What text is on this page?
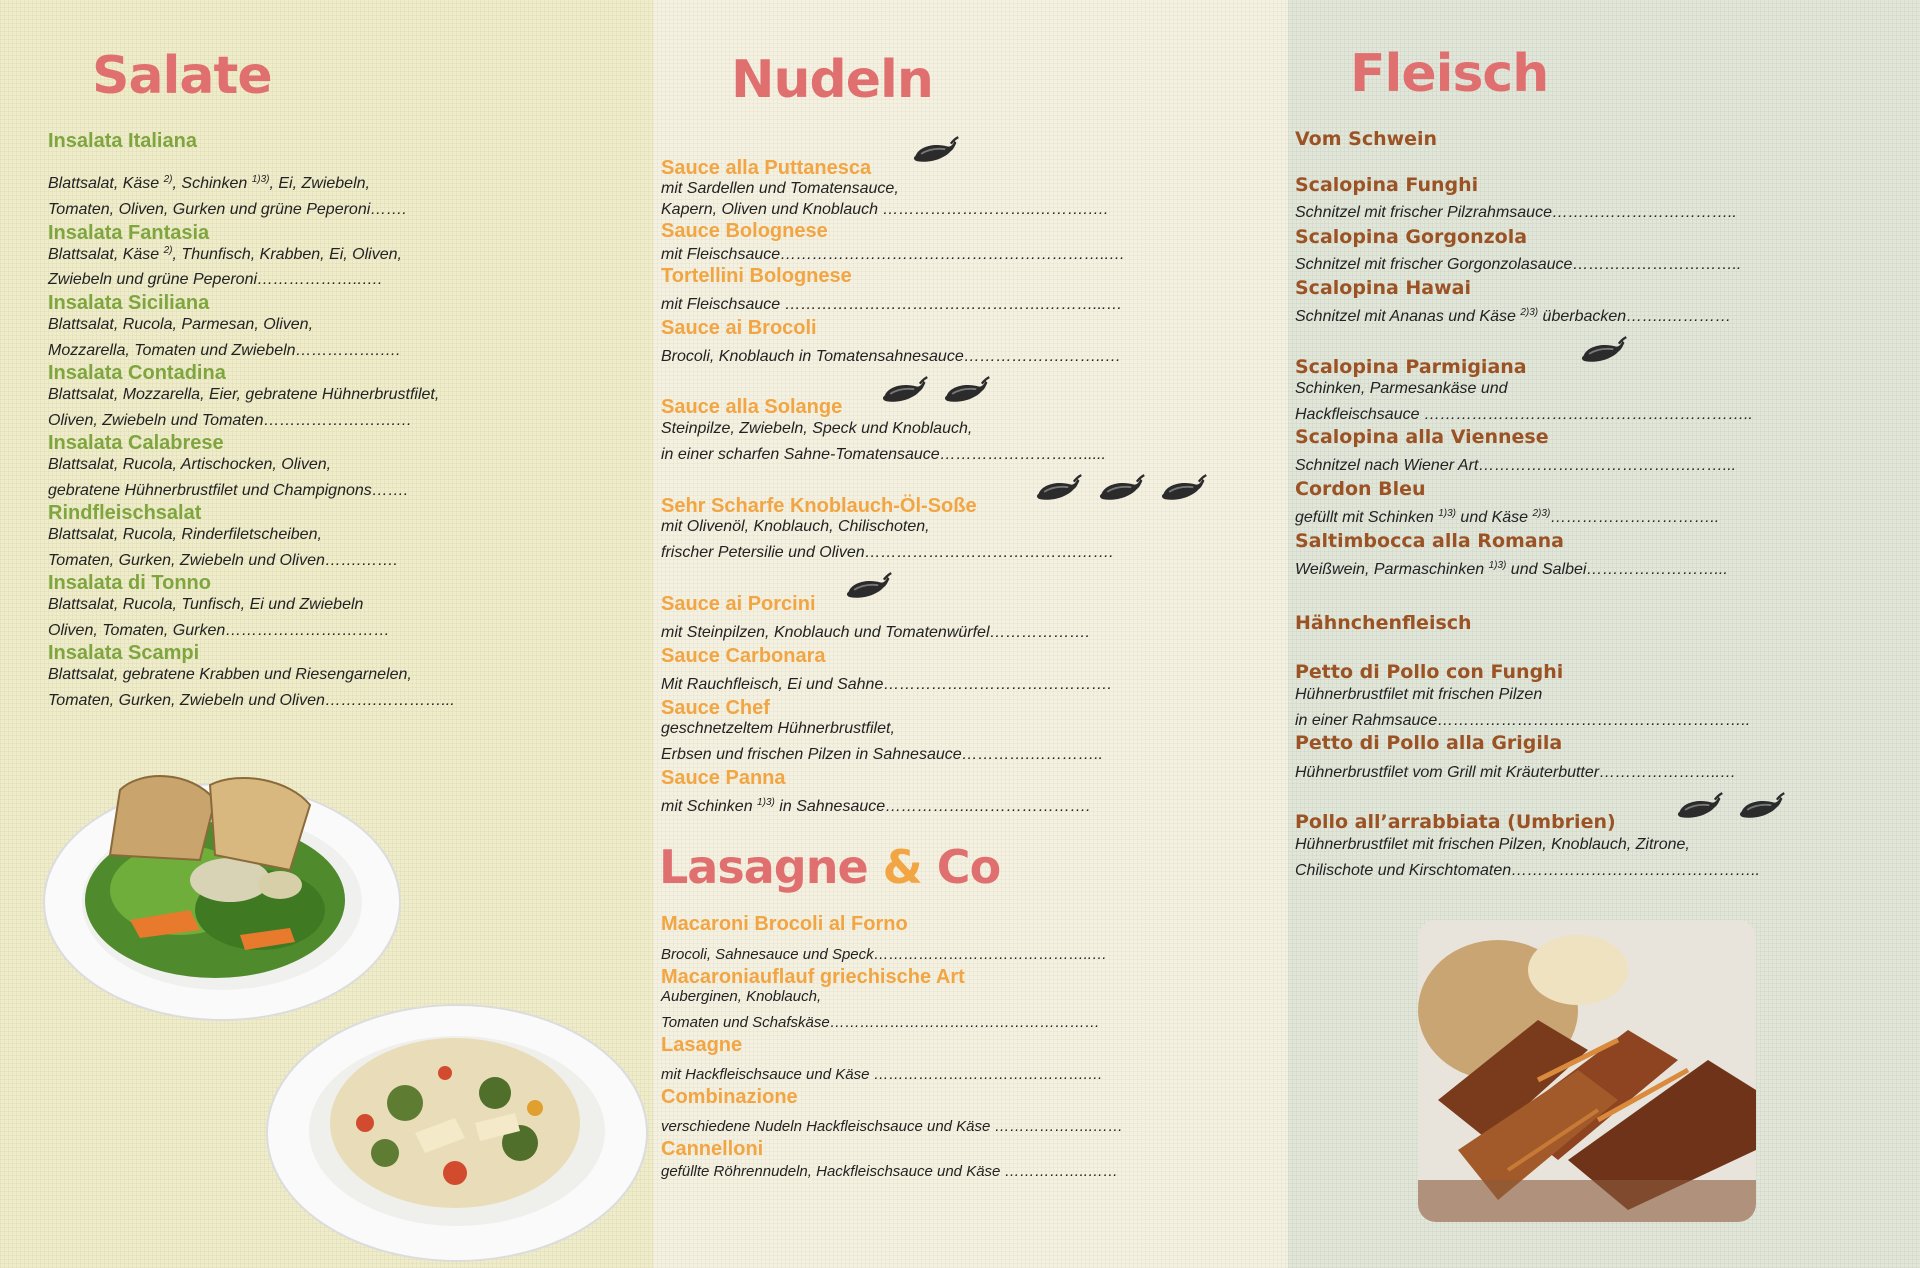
Salate
Insalata Italiana
Blattsalat, Käse $^{2)}$, Schinken $^{1)3)}$, Ei, Zwiebeln,
Tomaten, Oliven, Gurken und grüne Peperoni…….
Insalata Fantasia
Blattsalat, Käse $^{2)}$, Thunfisch, Krabben, Ei, Oliven,
Zwiebeln und grüne Peperoni………………..….
Insalata Siciliana
Blattsalat, Rucola, Parmesan, Oliven,
Mozzarella, Tomaten und Zwiebeln…………….….
Insalata Contadina
Blattsalat, Mozzarella, Eier, gebratene Hühnerbrustfilet,
Oliven, Zwiebeln und Tomaten…………………….…
Insalata Calabrese
Blattsalat, Rucola, Artischocken, Oliven,
gebratene Hühnerbrustfilet und Champignons…….
Rindfleischsalat
Blattsalat, Rucola, Rinderfiletscheiben,
Tomaten, Gurken, Zwiebeln und Oliven…….…….
Insalata di Tonno
Blattsalat, Rucola, Tunfisch, Ei und Zwiebeln
Oliven, Tomaten, Gurken………………….………
Insalata Scampi
Blattsalat, gebratene Krabben und Riesengarnelen,
Tomaten, Gurken, Zwiebeln und Oliven……….…………...
Nudeln
Sauce alla Puttanesca
mit Sardellen und Tomatensauce,
Kapern, Oliven und Knoblauch ………………………..……….….
Sauce Bolognese
mit Fleischsauce……………………………………………………..…
Tortellini Bolognese
mit Fleischsauce ………………………………………….………...…
Sauce ai Brocoli
Brocoli, Knoblauch in Tomatensahnesauce……………….……..…
Sauce alla Solange
Steinpilze, Zwiebeln, Speck und Knoblauch,
in einer scharfen Sahne-Tomatensauce……………………….....
Sehr Scharfe Knoblauch-Öl-Soße
mit Olivenöl, Knoblauch, Chilischoten,
frischer Petersilie und Oliven………………………………….…….
Sauce ai Porcini
mit Steinpilzen, Knoblauch und Tomatenwürfel……………….
Sauce Carbonara
Mit Rauchfleisch, Ei und Sahne…………………………………….
Sauce Chef
geschnetzeltem Hühnerbrustfilet,
Erbsen und frischen Pilzen in Sahnesauce………….…………..
Sauce Panna
mit Schinken $^{1)3)}$ in Sahnesauce……………..………………….
Lasagne & Co
Macaroni Brocoli al Forno
Brocoli, Sahnesauce und Speck……………………………………..…
Macaroniauflauf griechische Art
Auberginen, Knoblauch,
Tomaten und Schafskäse………………………………………………
Lasagne
mit Hackfleischsauce und Käse …………………………………….…
Combinazione
verschiedene Nudeln Hackfleischsauce und Käse ………………..……
Cannelloni
gefüllte Röhrennudeln, Hackfleischsauce und Käse ……………..……
Fleisch
Vom Schwein
Scalopina Funghi
Schnitzel mit frischer Pilzrahmsauce……………………………..
Scalopina Gorgonzola
Schnitzel mit frischer Gorgonzolasauce…………………………..
Scalopina Hawai
Schnitzel mit Ananas und Käse $^{2)3)}$ überbacken……..…………
Scalopina Parmigiana
Schinken, Parmesankäse und
Hackfleischsauce ……………………………………………………..
Scalopina alla Viennese
Schnitzel nach Wiener Art………………………………….……...
Cordon Bleu
gefüllt mit Schinken $^{1)3)}$ und Käse $^{2)3)}$…………………………..
Saltimbocca alla Romana
Weißwein, Parmaschinken $^{1)3)}$ und Salbei……………………...
Hähnchenfleisch
Petto di Pollo con Funghi
Hühnerbrustfilet mit frischen Pilzen
in einer Rahmsauce…………………………………………………..
Petto di Pollo alla Grigila
Hühnerbrustfilet vom Grill mit Kräuterbutter…………………..…
Pollo all’arrabbiata (Umbrien)
Hühnerbrustfilet mit frischen Pilzen, Knoblauch, Zitrone,
Chilischote und Kirschtomaten………………………………………..
